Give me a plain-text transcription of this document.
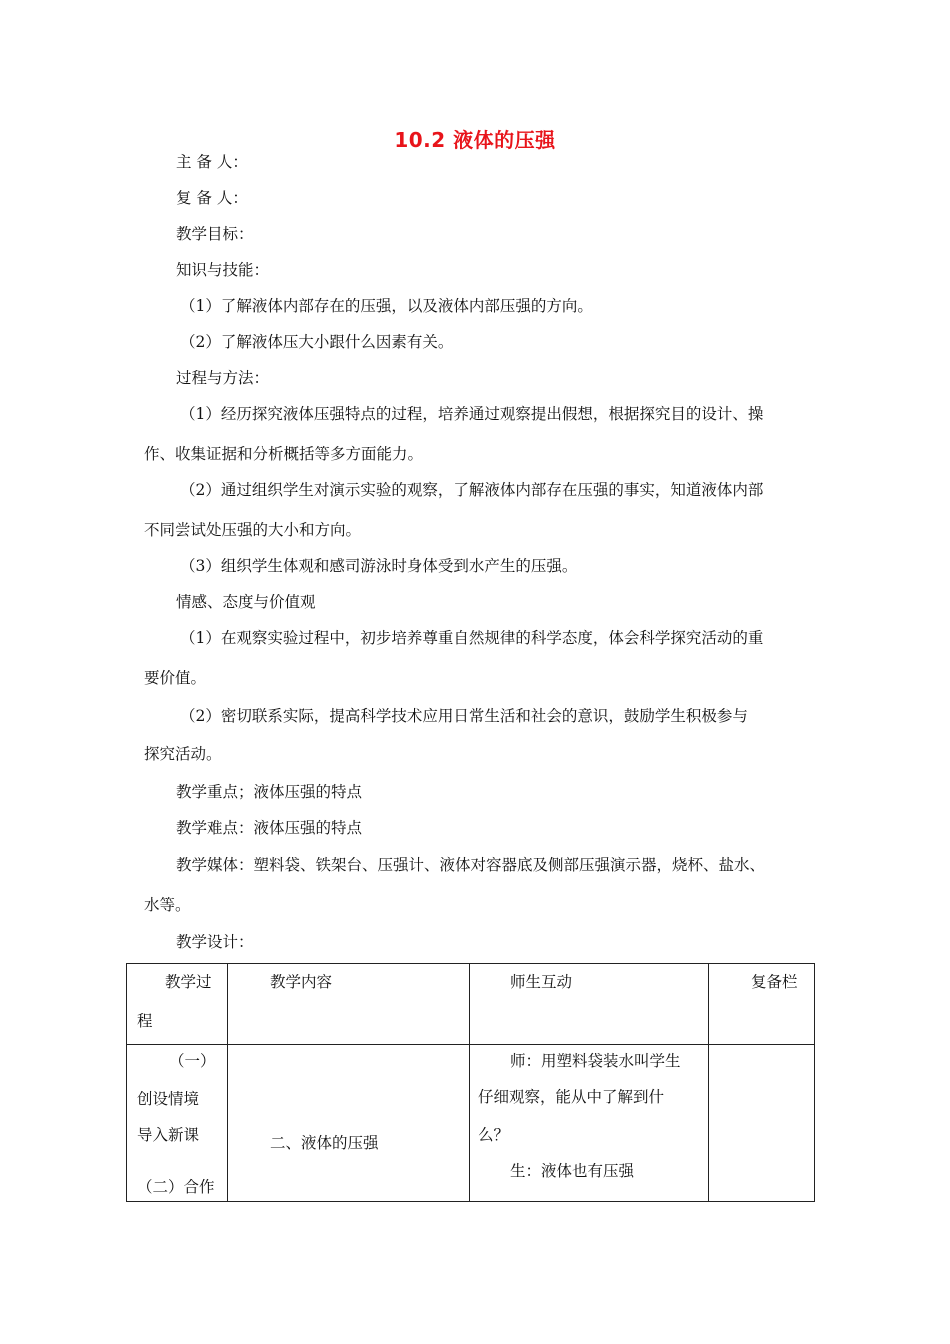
10.2 液体的压强
主 备 人：
复 备 人：
教学目标：
知识与技能：
（1）了解液体内部存在的压强，以及液体内部压强的方向。
（2）了解液体压大小跟什么因素有关。
过程与方法：
（1）经历探究液体压强特点的过程，培养通过观察提出假想，根据探究目的设计、操
作、收集证据和分析概括等多方面能力。
（2）通过组织学生对演示实验的观察，了解液体内部存在压强的事实，知道液体内部
不同尝试处压强的大小和方向。
（3）组织学生体观和感司游泳时身体受到水产生的压强。
情感、态度与价值观
（1）在观察实验过程中，初步培养尊重自然规律的科学态度，体会科学探究活动的重
要价值。
（2）密切联系实际，提高科学技术应用日常生活和社会的意识，鼓励学生积极参与
探究活动。
教学重点；液体压强的特点
教学难点：液体压强的特点
教学媒体：塑料袋、铁架台、压强计、液体对容器底及侧部压强演示器，烧杯、盐水、
水等。
教学设计：
教学过
程	教学内容	师生互动	复备栏

（一）
创设情境
导入新课
（二）合作	二、液体的压强	师：用塑料袋装水叫学生
仔细观察，能从中了解到什
么？
生：液体也有压强	
